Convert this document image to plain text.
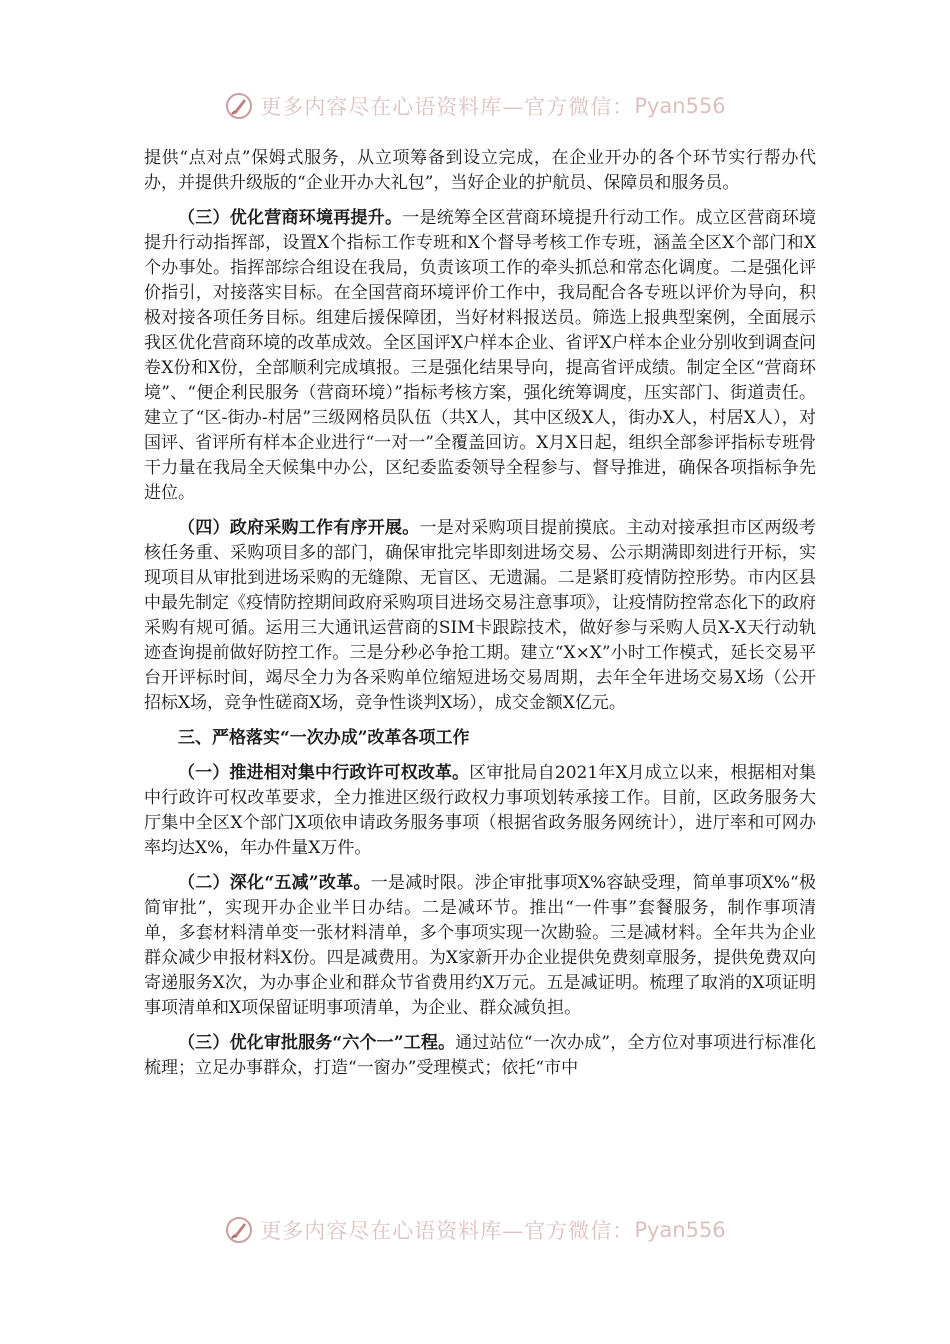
更多内容尽在心语资料库—官方微信： Pyan556

提供“点对点”保姆式服务，从立项筹备到设立完成，在企业开办的各个环节实行帮办代办，并提供升级版的“企业开办大礼包”，当好企业的护航员、保障员和服务员。

（三）优化营商环境再提升。一是统筹全区营商环境提升行动工作。成立区营商环境提升行动指挥部，设置X个指标工作专班和X个督导考核工作专班，涵盖全区X个部门和X个办事处。指挥部综合组设在我局，负责该项工作的牵头抓总和常态化调度。二是强化评价指引，对接落实目标。在全国营商环境评价工作中，我局配合各专班以评价为导向，积极对接各项任务目标。组建后援保障团，当好材料报送员。筛选上报典型案例，全面展示我区优化营商环境的改革成效。全区国评X户样本企业、省评X户样本企业分别收到调查问卷X份和X份，全部顺利完成填报。三是强化结果导向，提高省评成绩。制定全区“营商环境”、“便企利民服务（营商环境）”指标考核方案，强化统筹调度，压实部门、街道责任。建立了“区-街办-村居”三级网格员队伍（共X人，其中区级X人，街办X人，村居X人），对国评、省评所有样本企业进行“一对一”全覆盖回访。X月X日起，组织全部参评指标专班骨干力量在我局全天候集中办公，区纪委监委领导全程参与、督导推进，确保各项指标争先进位。

（四）政府采购工作有序开展。一是对采购项目提前摸底。主动对接承担市区两级考核任务重、采购项目多的部门，确保审批完毕即刻进场交易、公示期满即刻进行开标，实现项目从审批到进场采购的无缝隙、无盲区、无遗漏。二是紧盯疫情防控形势。市内区县中最先制定《疫情防控期间政府采购项目进场交易注意事项》，让疫情防控常态化下的政府采购有规可循。运用三大通讯运营商的SIM卡跟踪技术，做好参与采购人员X-X天行动轨迹查询提前做好防控工作。三是分秒必争抢工期。建立“X×X”小时工作模式，延长交易平台开评标时间，竭尽全力为各采购单位缩短进场交易周期，去年全年进场交易X场（公开招标X场，竞争性磋商X场，竞争性谈判X场），成交金额X亿元。

三、严格落实“一次办成”改革各项工作

（一）推进相对集中行政许可权改革。区审批局自2021年X月成立以来，根据相对集中行政许可权改革要求，全力推进区级行政权力事项划转承接工作。目前，区政务服务大厅集中全区X个部门X项依申请政务服务事项（根据省政务服务网统计），进厅率和可网办率均达X%，年办件量X万件。

（二）深化“五减”改革。一是减时限。涉企审批事项X%容缺受理，简单事项X%“极简审批”，实现开办企业半日办结。二是减环节。推出“一件事”套餐服务，制作事项清单，多套材料清单变一张材料清单，多个事项实现一次勘验。三是减材料。全年共为企业群众减少申报材料X份。四是减费用。为X家新开办企业提供免费刻章服务，提供免费双向寄递服务X次，为办事企业和群众节省费用约X万元。五是减证明。梳理了取消的X项证明事项清单和X项保留证明事项清单，为企业、群众减负担。

（三）优化审批服务“六个一”工程。通过站位“一次办成”，全方位对事项进行标准化梳理；立足办事群众，打造“一窗办”受理模式；依托“市中

更多内容尽在心语资料库—官方微信： Pyan556
